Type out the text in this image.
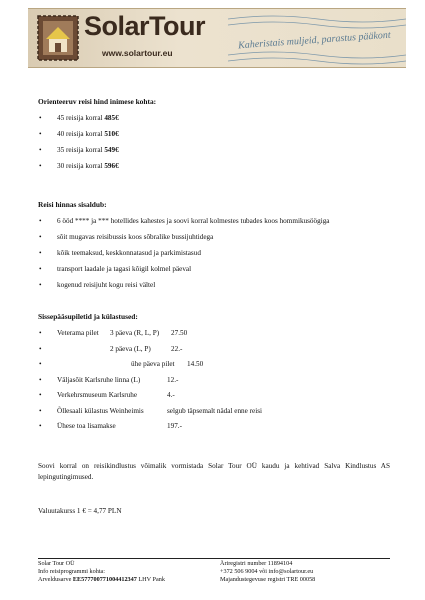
SolarTour
www.solartour.eu
Kaheristais muljeid, parastus pääkont

Orienteeruv reisi hind inimese kohta:

• 45 reisija korral 485€
• 40 reisija korral 510€
• 35 reisija korral 549€
• 30 reisija korral 596€

Reisi hinnas sisaldub:

• 6 ööd **** ja *** hotellides kahestes ja soovi korral kolmestes tubades koos hommikusöögiga
• sõit mugavas reisibussis koos sõbralike bussijuhtidega
• kõik teemaksud, keskkonnatasud ja parkimistasud
• transport laadale ja tagasi kõigil kolmel päeval
• kogenud reisijuht kogu reisi vältel

Sissepääsupiletid ja külastused:

• Veterama pilet 3 päeva (R, L, P) 27.50
•	2 päeva (L, P)	22.-
•	ühe päeva pilet 14.50
• Väljasõit Karlsruhe linna (L)	12.-
• Verkehrsmuseum Karlsruhe	4.-
• Õllesaali külastus Weinheimis	selgub täpsemalt nädal enne reisi
• Ühese toa lisamakse	197.-

Soovi korral on reisikindlustus võimalik vormistada Solar Tour OÜ kaudu ja kehtivad Salva Kindlustus AS lepingutingimused.

Valuutakurss 1 € = 4,77 PLN

Solar Tour OÜ
Info reisiprogrammi kohta:
Arveldusarve EE577700771004412347 LHV Pank
Äriregistri number 11894104
+372 506 9004 või info@solartour.eu
Majandustegevuse registri TRE 00058
